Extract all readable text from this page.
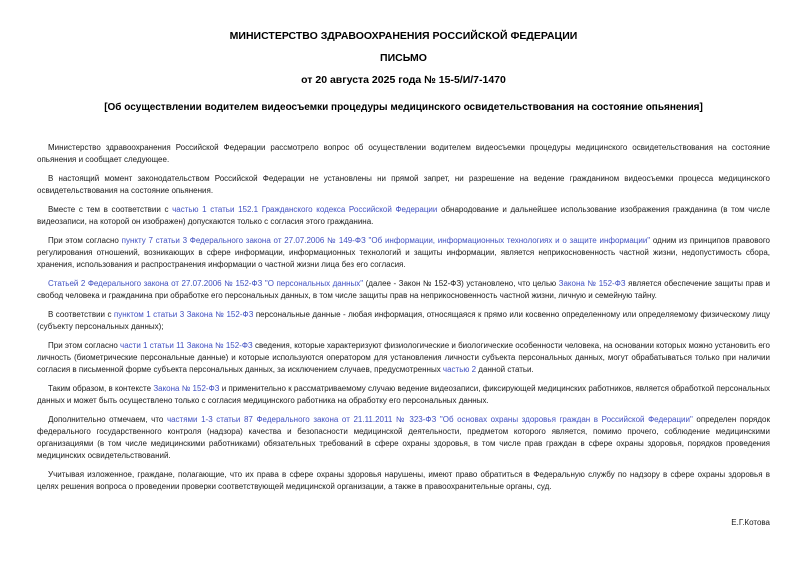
МИНИСТЕРСТВО ЗДРАВООХРАНЕНИЯ РОССИЙСКОЙ ФЕДЕРАЦИИ
ПИСЬМО
от 20 августа 2025 года № 15-5/И/7-1470
[Об осуществлении водителем видеосъемки процедуры медицинского освидетельствования на состояние опьянения]

Министерство здравоохранения Российской Федерации рассмотрело вопрос об осуществлении водителем видеосъемки процедуры медицинского освидетельствования на состояние опьянения и сообщает следующее.

В настоящий момент законодательством Российской Федерации не установлены ни прямой запрет, ни разрешение на ведение гражданином видеосъемки процесса медицинского освидетельствования на состояние опьянения.

Вместе с тем в соответствии с частью 1 статьи 152.1 Гражданского кодекса Российской Федерации обнародование и дальнейшее использование изображения гражданина (в том числе видеозаписи, на которой он изображен) допускаются только с согласия этого гражданина.

При этом согласно пункту 7 статьи 3 Федерального закона от 27.07.2006 № 149-ФЗ "Об информации, информационных технологиях и о защите информации" одним из принципов правового регулирования отношений, возникающих в сфере информации, информационных технологий и защиты информации, является неприкосновенность частной жизни, недопустимость сбора, хранения, использования и распространения информации о частной жизни лица без его согласия.

Статьей 2 Федерального закона от 27.07.2006 № 152-ФЗ "О персональных данных" (далее - Закон № 152-ФЗ) установлено, что целью Закона № 152-ФЗ является обеспечение защиты прав и свобод человека и гражданина при обработке его персональных данных, в том числе защиты прав на неприкосновенность частной жизни, личную и семейную тайну.

В соответствии с пунктом 1 статьи 3 Закона № 152-ФЗ персональные данные - любая информация, относящаяся к прямо или косвенно определенному или определяемому физическому лицу (субъекту персональных данных);

При этом согласно части 1 статьи 11 Закона № 152-ФЗ сведения, которые характеризуют физиологические и биологические особенности человека, на основании которых можно установить его личность (биометрические персональные данные) и которые используются оператором для установления личности субъекта персональных данных, могут обрабатываться только при наличии согласия в письменной форме субъекта персональных данных, за исключением случаев, предусмотренных частью 2 данной статьи.

Таким образом, в контексте Закона № 152-ФЗ и применительно к рассматриваемому случаю ведение видеозаписи, фиксирующей медицинских работников, является обработкой персональных данных и может быть осуществлено только с согласия медицинского работника на обработку его персональных данных.

Дополнительно отмечаем, что частями 1-3 статьи 87 Федерального закона от 21.11.2011 № 323-ФЗ "Об основах охраны здоровья граждан в Российской Федерации" определен порядок федерального государственного контроля (надзора) качества и безопасности медицинской деятельности, предметом которого является, помимо прочего, соблюдение медицинскими организациями (в том числе медицинскими работниками) обязательных требований в сфере охраны здоровья, в том числе прав граждан в сфере охраны здоровья, порядков проведения медицинских освидетельствований.

Учитывая изложенное, граждане, полагающие, что их права в сфере охраны здоровья нарушены, имеют право обратиться в Федеральную службу по надзору в сфере охраны здоровья в целях решения вопроса о проведении проверки соответствующей медицинской организации, а также в правоохранительные органы, суд.

Е.Г.Котова
